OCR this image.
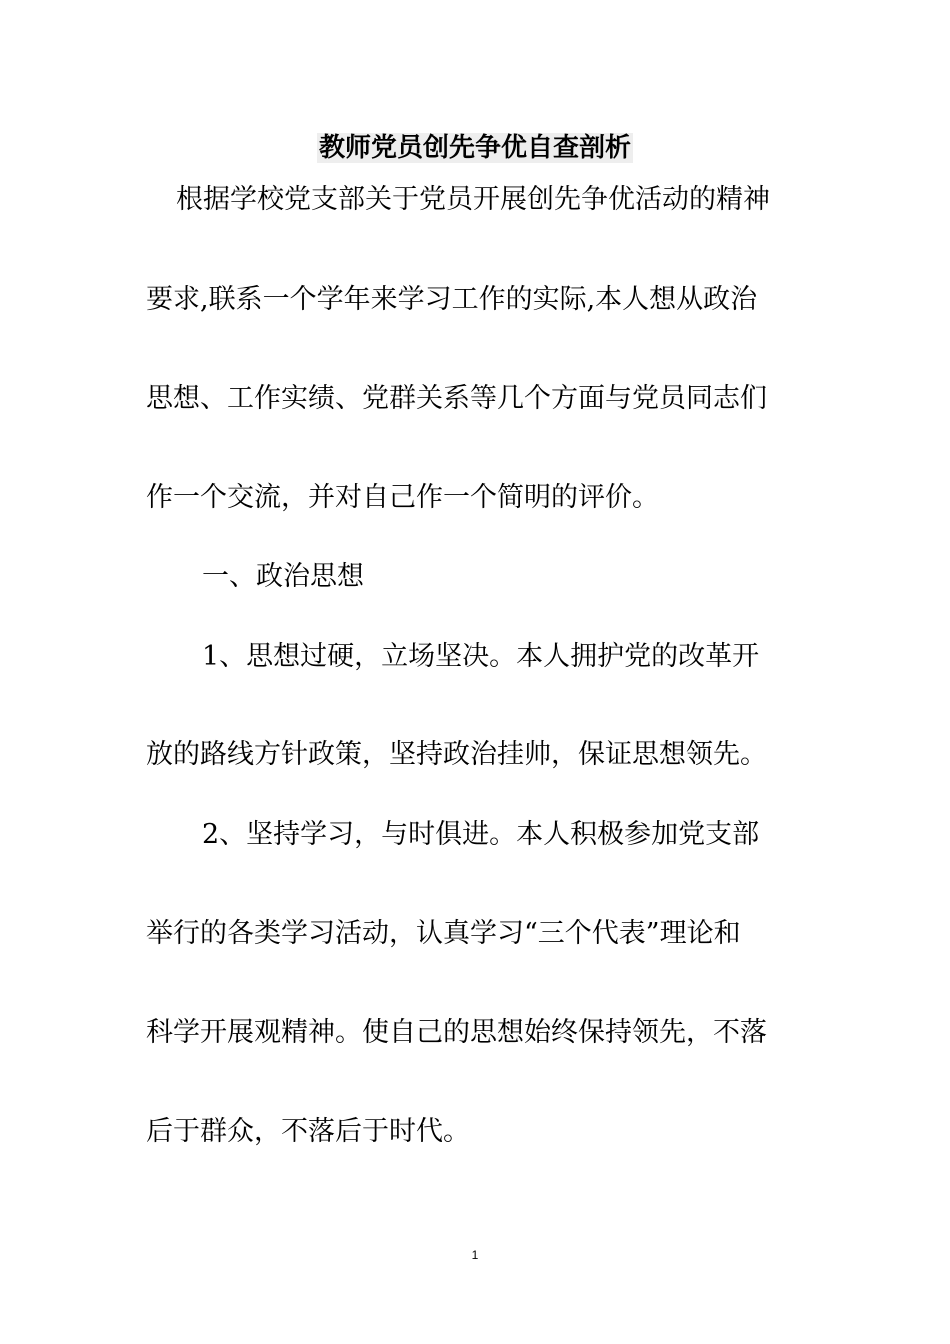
教师党员创先争优自查剖析

根据学校党支部关于党员开展创先争优活动的精神

要求,联系一个学年来学习工作的实际,本人想从政治

思想、工作实绩、党群关系等几个方面与党员同志们

作一个交流，并对自己作一个简明的评价。

一、政治思想

1、思想过硬，立场坚决。本人拥护党的改革开

放的路线方针政策，坚持政治挂帅，保证思想领先。

2、坚持学习，与时俱进。本人积极参加党支部

举行的各类学习活动，认真学习“三个代表”理论和

科学开展观精神。使自己的思想始终保持领先，不落

后于群众，不落后于时代。

1
